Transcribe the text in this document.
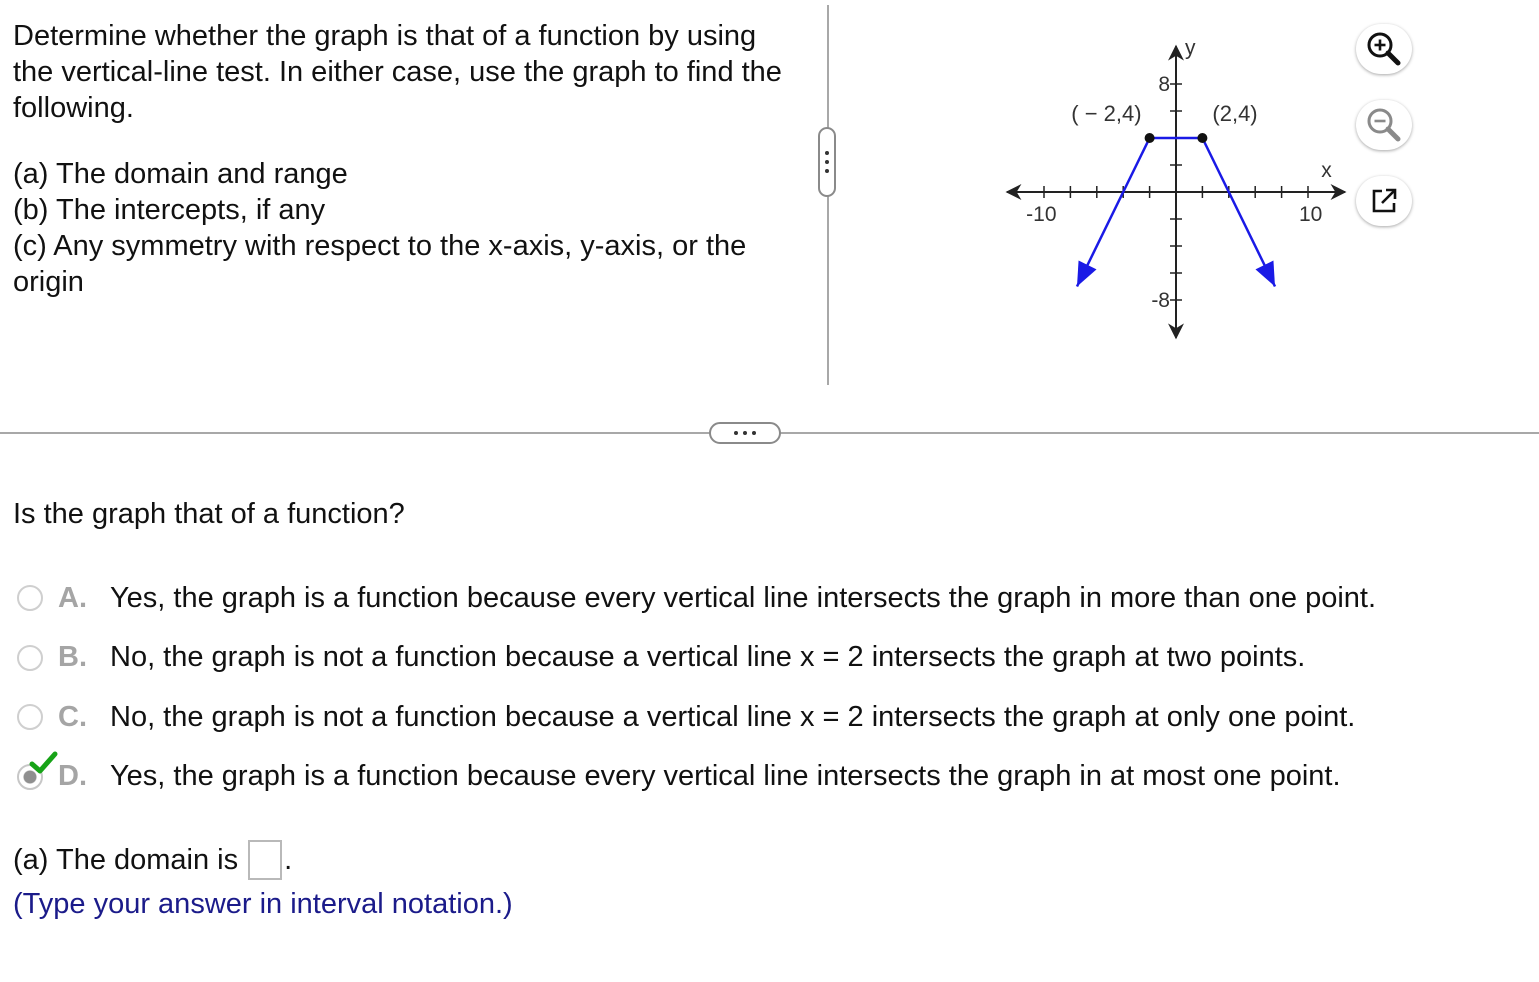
Determine whether the graph is that of a function by using the vertical-line test. In either case, use the graph to find the following.

(a) The domain and range
(b) The intercepts, if any
(c) Any symmetry with respect to the x-axis, y-axis, or the origin
x
y
-10	10
8
-8
( − 2,4)	(2,4)
Is the graph that of a function?
A. Yes, the graph is a function because every vertical line intersects the graph in more than one point.
B. No, the graph is not a function because a vertical line x = 2 intersects the graph at two points.
C. No, the graph is not a function because a vertical line x = 2 intersects the graph at only one point.
D. Yes, the graph is a function because every vertical line intersects the graph in at most one point.
(a) The domain is .
(Type your answer in interval notation.)
